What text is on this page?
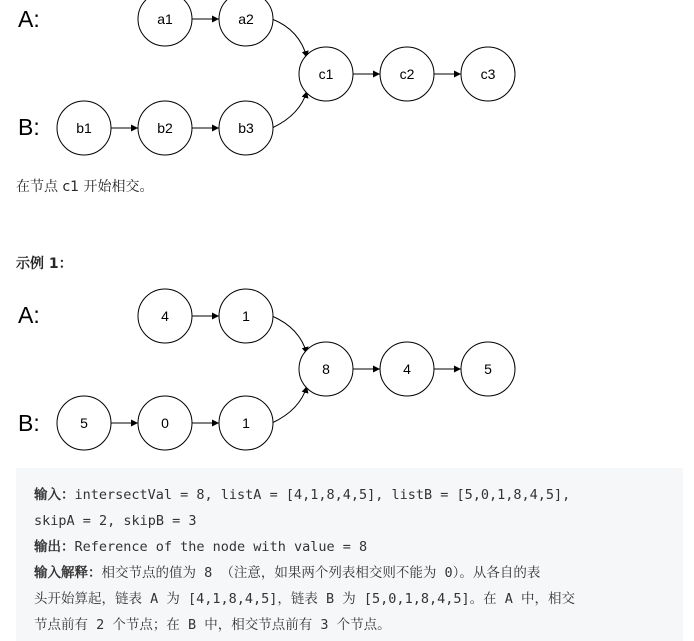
A:
B:
a1	a2
b1	b2	b3
c1	c2	c3

在节点 c1 开始相交。

示例 1：

A:
B:
4	1
5	0	1
8	4	5

输入：intersectVal = 8, listA = [4,1,8,4,5], listB = [5,0,1,8,4,5],

skipA = 2, skipB = 3

输出：Reference of the node with value = 8

输入解释：相交节点的值为 8 （注意，如果两个列表相交则不能为 0）。从各自的表

头开始算起，链表 A 为 [4,1,8,4,5]，链表 B 为 [5,0,1,8,4,5]。在 A 中，相交

节点前有 2 个节点；在 B 中，相交节点前有 3 个节点。
